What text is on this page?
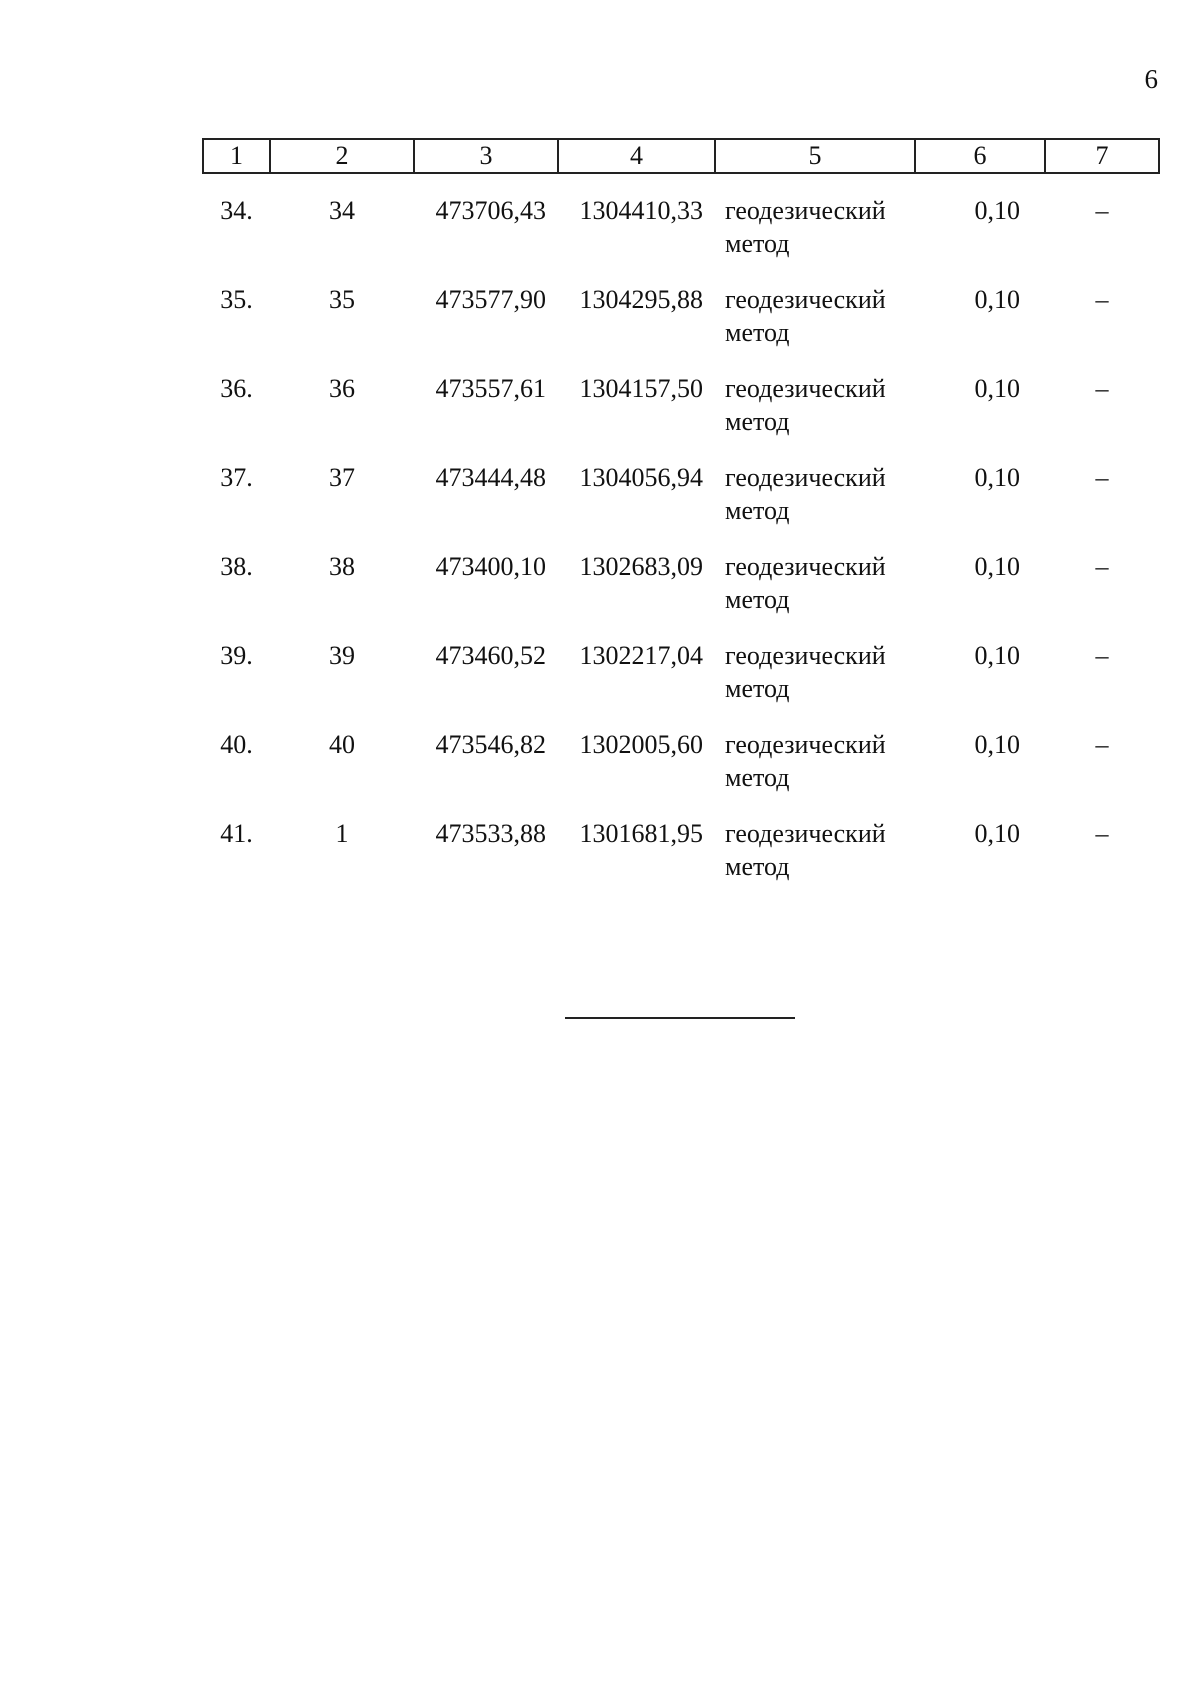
6
1	2	3	4	5	6	7
34.	34	473706,43	1304410,33	геодезический
метод	0,10	–
35.	35	473577,90	1304295,88	геодезический
метод	0,10	–
36.	36	473557,61	1304157,50	геодезический
метод	0,10	–
37.	37	473444,48	1304056,94	геодезический
метод	0,10	–
38.	38	473400,10	1302683,09	геодезический
метод	0,10	–
39.	39	473460,52	1302217,04	геодезический
метод	0,10	–
40.	40	473546,82	1302005,60	геодезический
метод	0,10	–
41.	1	473533,88	1301681,95	геодезический
метод	0,10	–
